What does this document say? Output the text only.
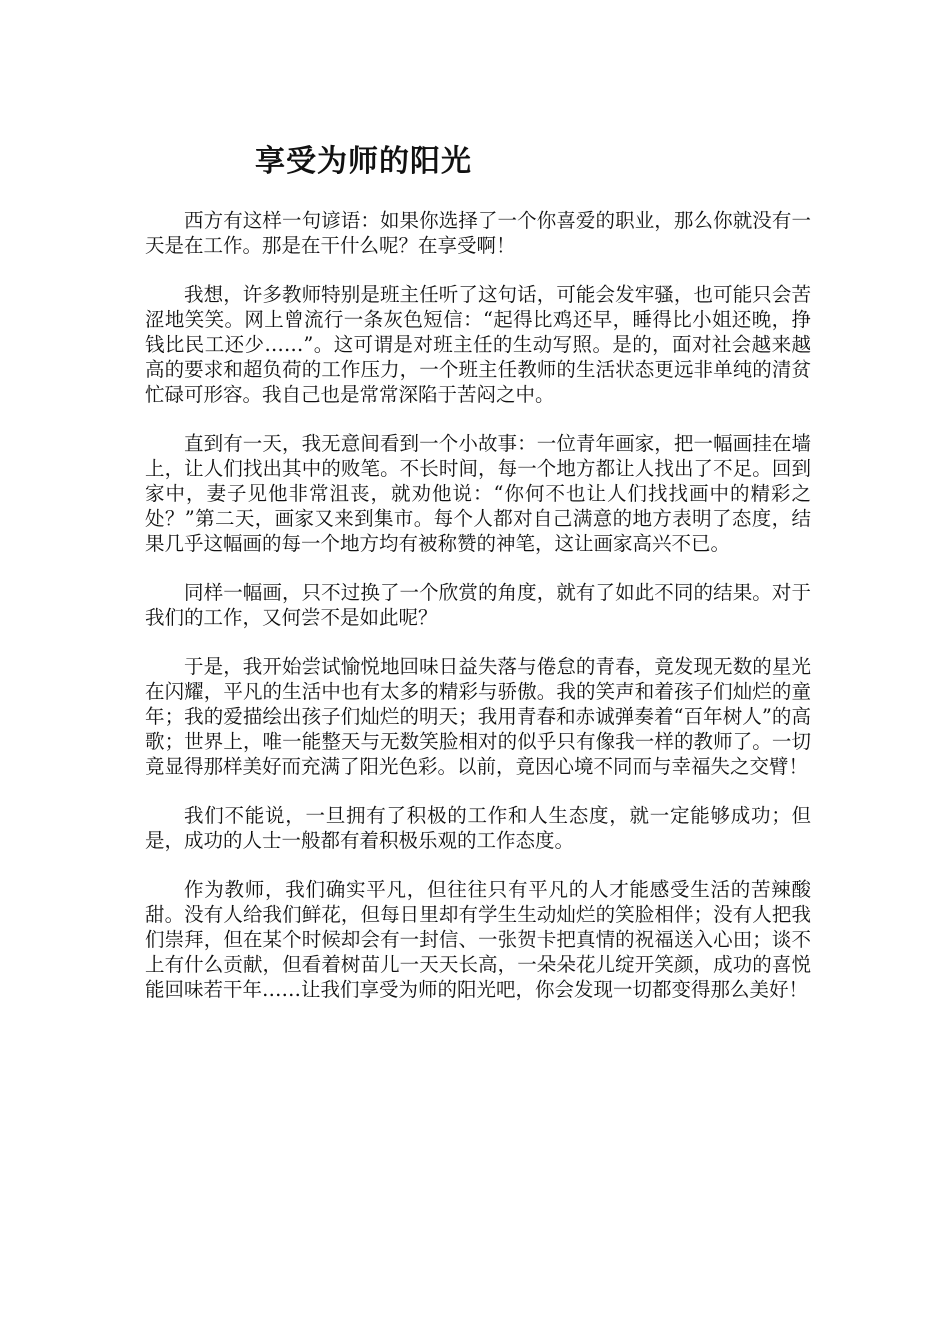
享受为师的阳光

西方有这样一句谚语：如果你选择了一个你喜爱的职业，那么你就没有一天是在工作。那是在干什么呢？在享受啊！

我想，许多教师特别是班主任听了这句话，可能会发牢骚，也可能只会苦涩地笑笑。网上曾流行一条灰色短信：“起得比鸡还早，睡得比小姐还晚，挣钱比民工还少……”。这可谓是对班主任的生动写照。是的，面对社会越来越高的要求和超负荷的工作压力，一个班主任教师的生活状态更远非单纯的清贫忙碌可形容。我自己也是常常深陷于苦闷之中。

直到有一天，我无意间看到一个小故事：一位青年画家，把一幅画挂在墙上，让人们找出其中的败笔。不长时间，每一个地方都让人找出了不足。回到家中，妻子见他非常沮丧，就劝他说：“你何不也让人们找找画中的精彩之处？”第二天，画家又来到集市。每个人都对自己满意的地方表明了态度，结果几乎这幅画的每一个地方均有被称赞的神笔，这让画家高兴不已。

同样一幅画，只不过换了一个欣赏的角度，就有了如此不同的结果。对于我们的工作，又何尝不是如此呢？

于是，我开始尝试愉悦地回味日益失落与倦怠的青春，竟发现无数的星光在闪耀，平凡的生活中也有太多的精彩与骄傲。我的笑声和着孩子们灿烂的童年；我的爱描绘出孩子们灿烂的明天；我用青春和赤诚弹奏着“百年树人”的高歌；世界上，唯一能整天与无数笑脸相对的似乎只有像我一样的教师了。一切竟显得那样美好而充满了阳光色彩。以前，竟因心境不同而与幸福失之交臂！

我们不能说，一旦拥有了积极的工作和人生态度，就一定能够成功；但是，成功的人士一般都有着积极乐观的工作态度。

作为教师，我们确实平凡，但往往只有平凡的人才能感受生活的苦辣酸甜。没有人给我们鲜花，但每日里却有学生生动灿烂的笑脸相伴；没有人把我们崇拜，但在某个时候却会有一封信、一张贺卡把真情的祝福送入心田；谈不上有什么贡献，但看着树苗儿一天天长高，一朵朵花儿绽开笑颜，成功的喜悦能回味若干年……让我们享受为师的阳光吧，你会发现一切都变得那么美好！
